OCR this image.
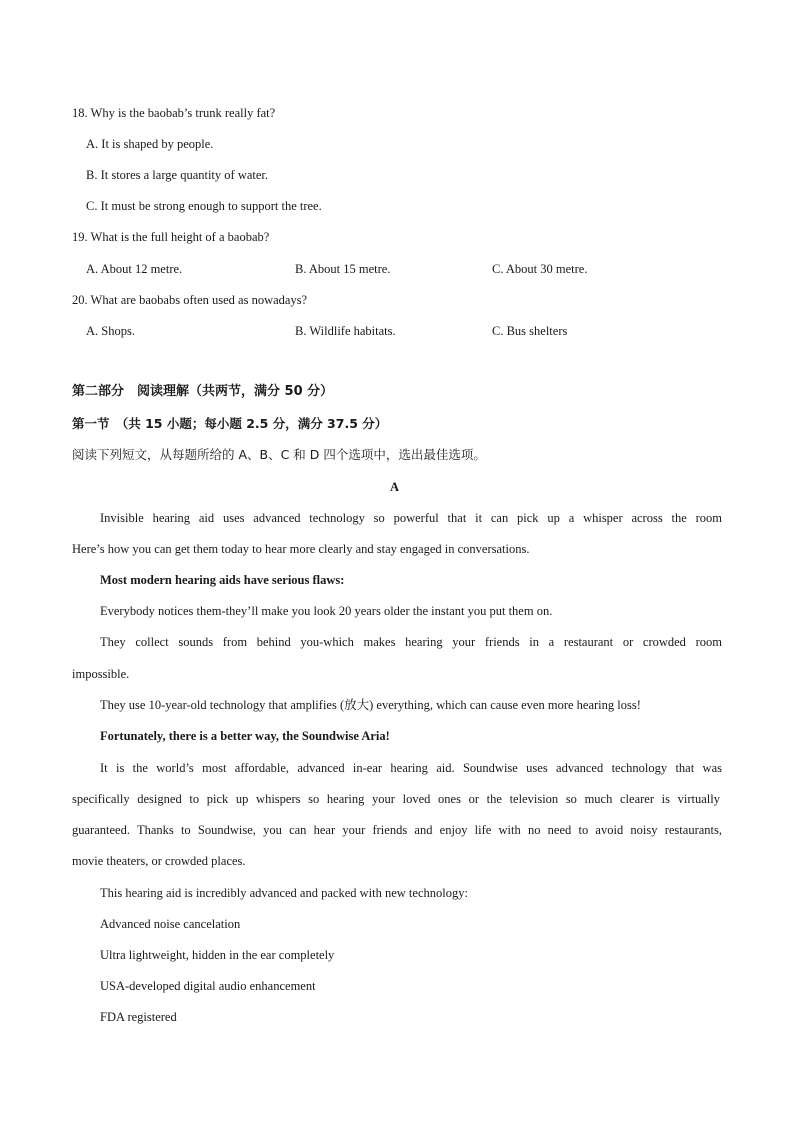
18. Why is the baobab’s trunk really fat?
A. It is shaped by people.
B. It stores a large quantity of water.
C. It must be strong enough to support the tree.
19. What is the full height of a baobab?
A. About 12 metre.	B. About 15 metre.	C. About 30 metre.
20. What are baobabs often used as nowadays?
A. Shops.	B. Wildlife habitats.	C. Bus shelters
第二部分　阅读理解（共两节，满分 50 分）
第一节　（共 15 小题；每小题 2.5 分，满分 37.5 分）
阅读下列短文，从每题所给的 A、B、C 和 D 四个选项中，选出最佳选项。
A
Invisible hearing aid uses advanced technology so powerful that it can pick up a whisper across the room
Here’s how you can get them today to hear more clearly and stay engaged in conversations.
Most modern hearing aids have serious flaws:
Everybody notices them-they’ll make you look 20 years older the instant you put them on.
They collect sounds from behind you-which makes hearing your friends in a restaurant or crowded room
impossible.
They use 10-year-old technology that amplifies (放大) everything, which can cause even more hearing loss!
Fortunately, there is a better way, the Soundwise Aria!
It is the world’s most affordable, advanced in-ear hearing aid. Soundwise uses advanced technology that was
specifically designed to pick up whispers so hearing your loved ones or the television so much clearer is virtually
guaranteed. Thanks to Soundwise, you can hear your friends and enjoy life with no need to avoid noisy restaurants,
movie theaters, or crowded places.
This hearing aid is incredibly advanced and packed with new technology:
Advanced noise cancelation
Ultra lightweight, hidden in the ear completely
USA-developed digital audio enhancement
FDA registered
